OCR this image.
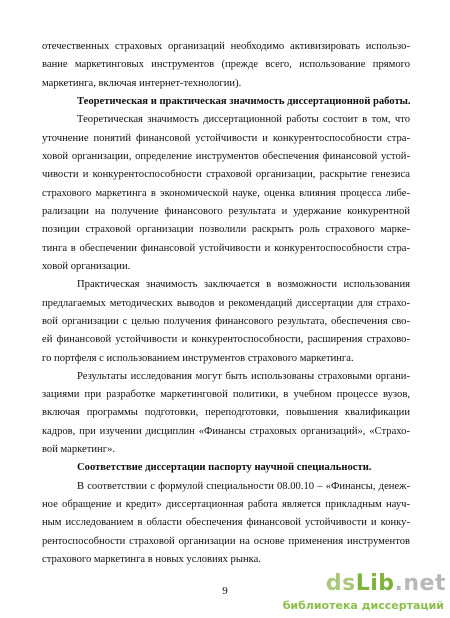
отечественных страховых организаций необходимо активизировать использо-
вание маркетинговых инструментов (прежде всего, использование прямого
маркетинга, включая интернет-технологии).
Теоретическая и практическая значимость диссертационной работы.
Теоретическая значимость диссертационной работы состоит в том, что
уточнение понятий финансовой устойчивости и конкурентоспособности стра-
ховой организации, определение инструментов обеспечения финансовой устой-
чивости и конкурентоспособности страховой организации, раскрытие генезиса
страхового маркетинга в экономической науке, оценка влияния процесса либе-
рализации на получение финансового результата и удержание конкурентной
позиции страховой организации позволили раскрыть роль страхового марке-
тинга в обеспечении финансовой устойчивости и конкурентоспособности стра-
ховой организации.
Практическая значимость заключается в возможности использования
предлагаемых методических выводов и рекомендаций диссертации для страхо-
вой организации с целью получения финансового результата, обеспечения сво-
ей финансовой устойчивости и конкурентоспособности, расширения страхово-
го портфеля с использованием инструментов страхового маркетинга.
Результаты исследования могут быть использованы страховыми органи-
зациями при разработке маркетинговой политики, в учебном процессе вузов,
включая программы подготовки, переподготовки, повышения квалификации
кадров, при изучении дисциплин «Финансы страховых организаций», «Страхо-
вой маркетинг».
Соответствие диссертации паспорту научной специальности.
В соответствии с формулой специальности 08.00.10 – «Финансы, денеж-
ное обращение и кредит» диссертационная работа является прикладным науч-
ным исследованием в области обеспечения финансовой устойчивости и конку-
рентоспособности страховой организации на основе применения инструментов
страхового маркетинга в новых условиях рынка.
9	ds Lib .net
библиотека диссертаций
